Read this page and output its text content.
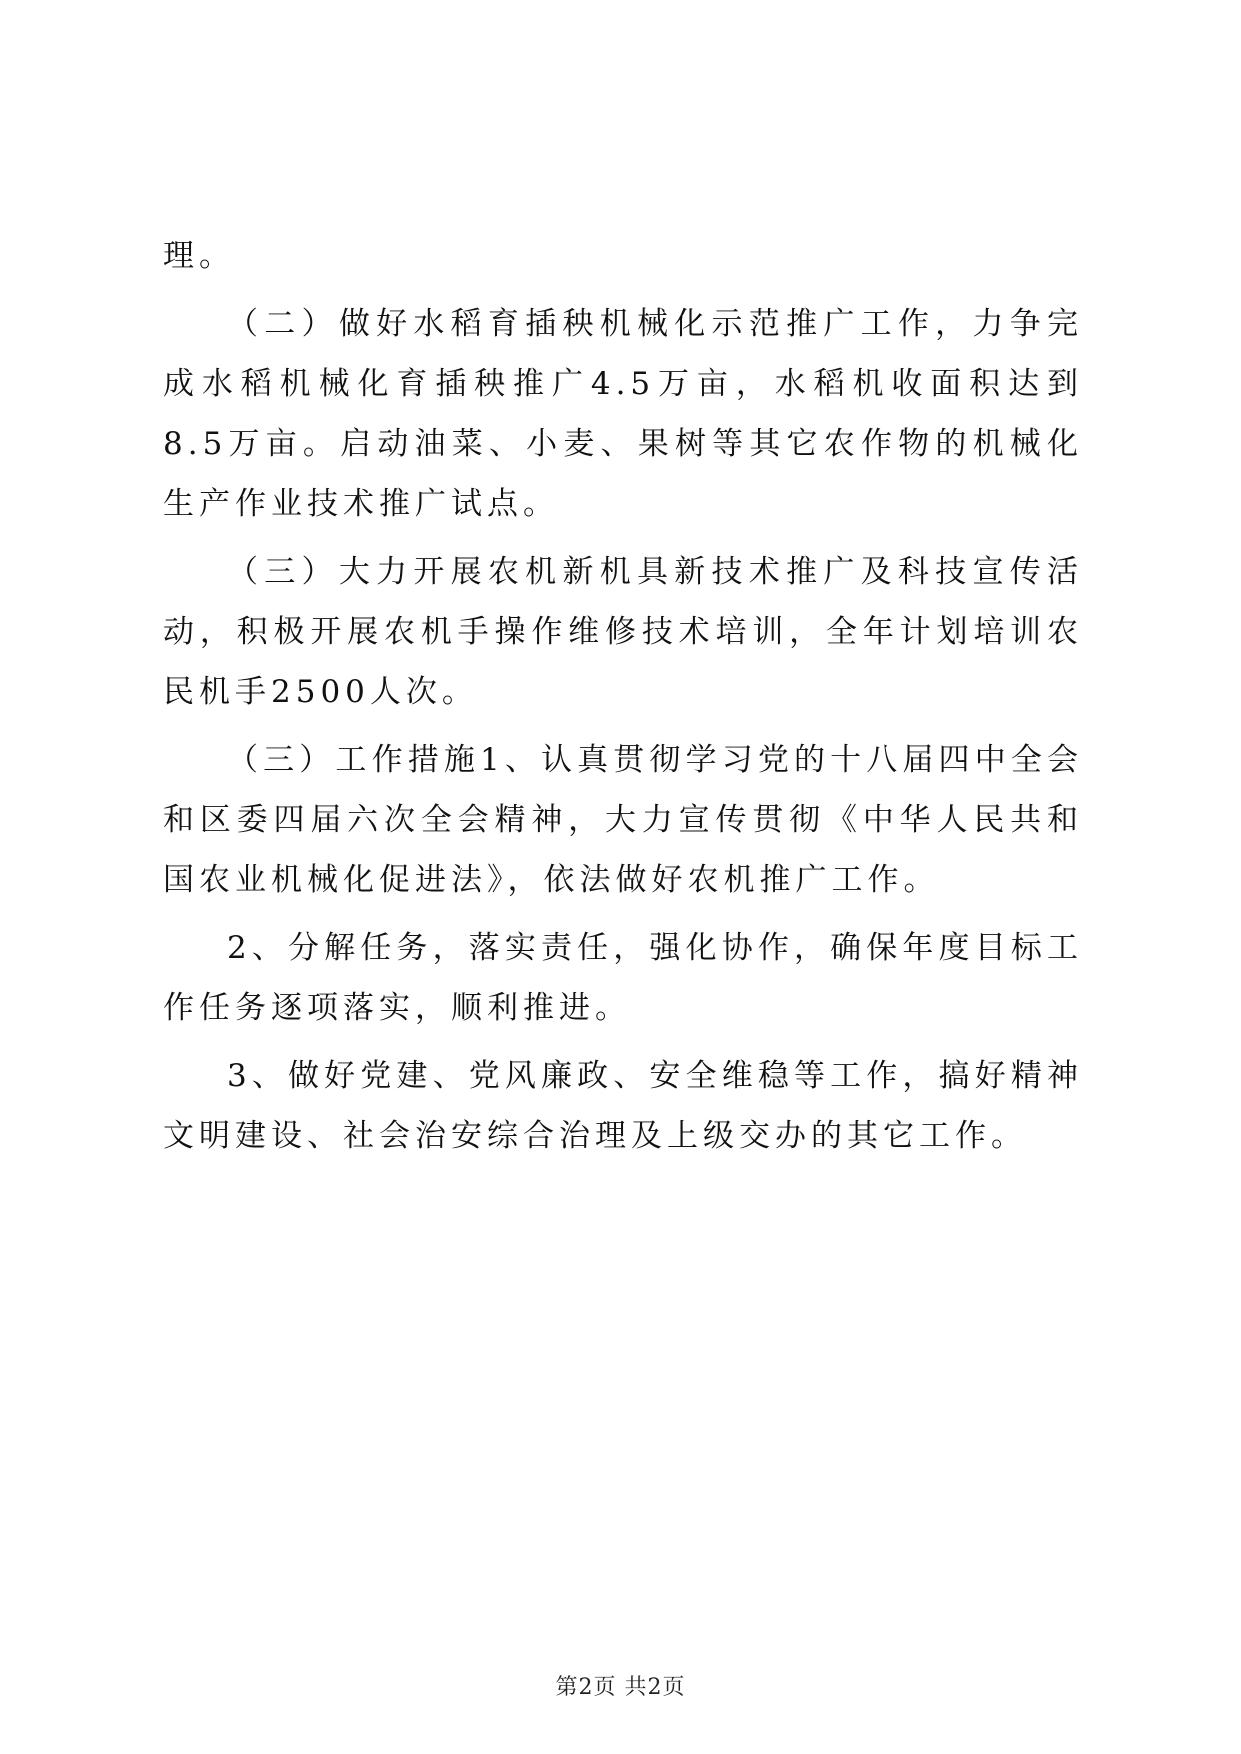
理。

（二）做好水稻育插秧机械化示范推广工作，力争完成水稻机械化育插秧推广4.5万亩，水稻机收面积达到8.5万亩。启动油菜、小麦、果树等其它农作物的机械化生产作业技术推广试点。

（三）大力开展农机新机具新技术推广及科技宣传活动，积极开展农机手操作维修技术培训，全年计划培训农民机手2500人次。

（三）工作措施1、认真贯彻学习党的十八届四中全会和区委四届六次全会精神，大力宣传贯彻《中华人民共和国农业机械化促进法》，依法做好农机推广工作。

2、分解任务，落实责任，强化协作，确保年度目标工作任务逐项落实，顺利推进。

3、做好党建、党风廉政、安全维稳等工作，搞好精神文明建设、社会治安综合治理及上级交办的其它工作。

第2页 共2页
